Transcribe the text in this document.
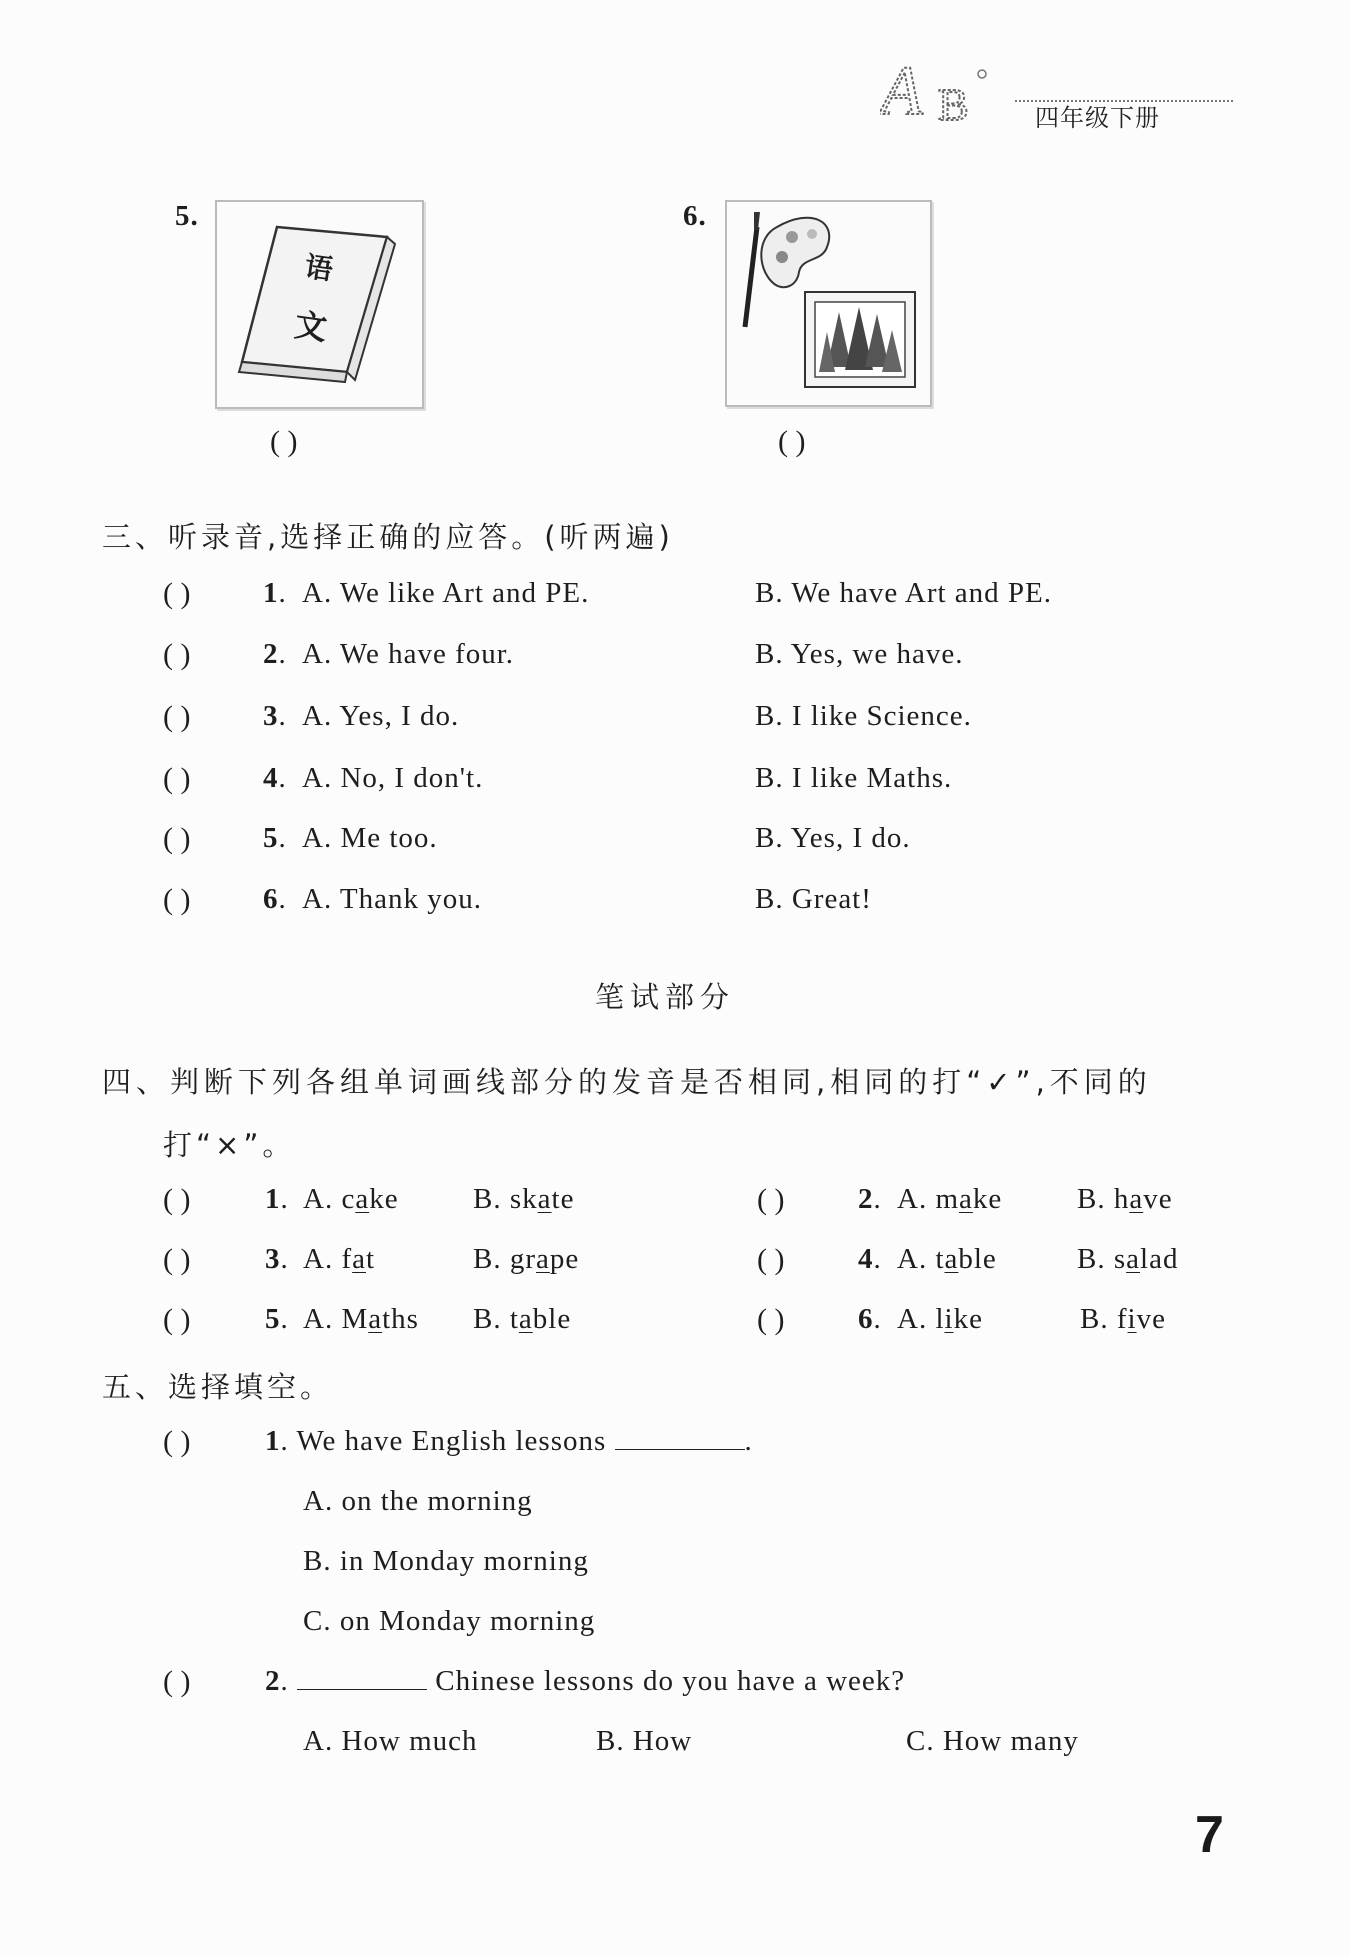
A B	四年级下册
5.
语
文
( )
6.
( )
三、听录音,选择正确的应答。(听两遍)
( )	1. A. We like Art and PE.	B. We have Art and PE.
( )	2. A. We have four.	B. Yes, we have.
( )	3. A. Yes, I do.	B. I like Science.
( )	4. A. No, I don't.	B. I like Maths.
( )	5. A. Me too.	B. Yes, I do.
( )	6. A. Thank you.	B. Great!
笔试部分
四、判断下列各组单词画线部分的发音是否相同,相同的打“✓”,不同的
打“×”。
( )	1. A. cake	B. skate	( )	2. A. make	B. have
( )	3. A. fat	B. grape	( )	4. A. table	B. salad
( )	5. A. Maths B. table	( )	6. A. like	B. five
五、选择填空。
( )	1. We have English lessons	.
A. on the morning
B. in Monday morning
C. on Monday morning
( )	2.	Chinese lessons do you have a week?
A. How much	B. How	C. How many
7
